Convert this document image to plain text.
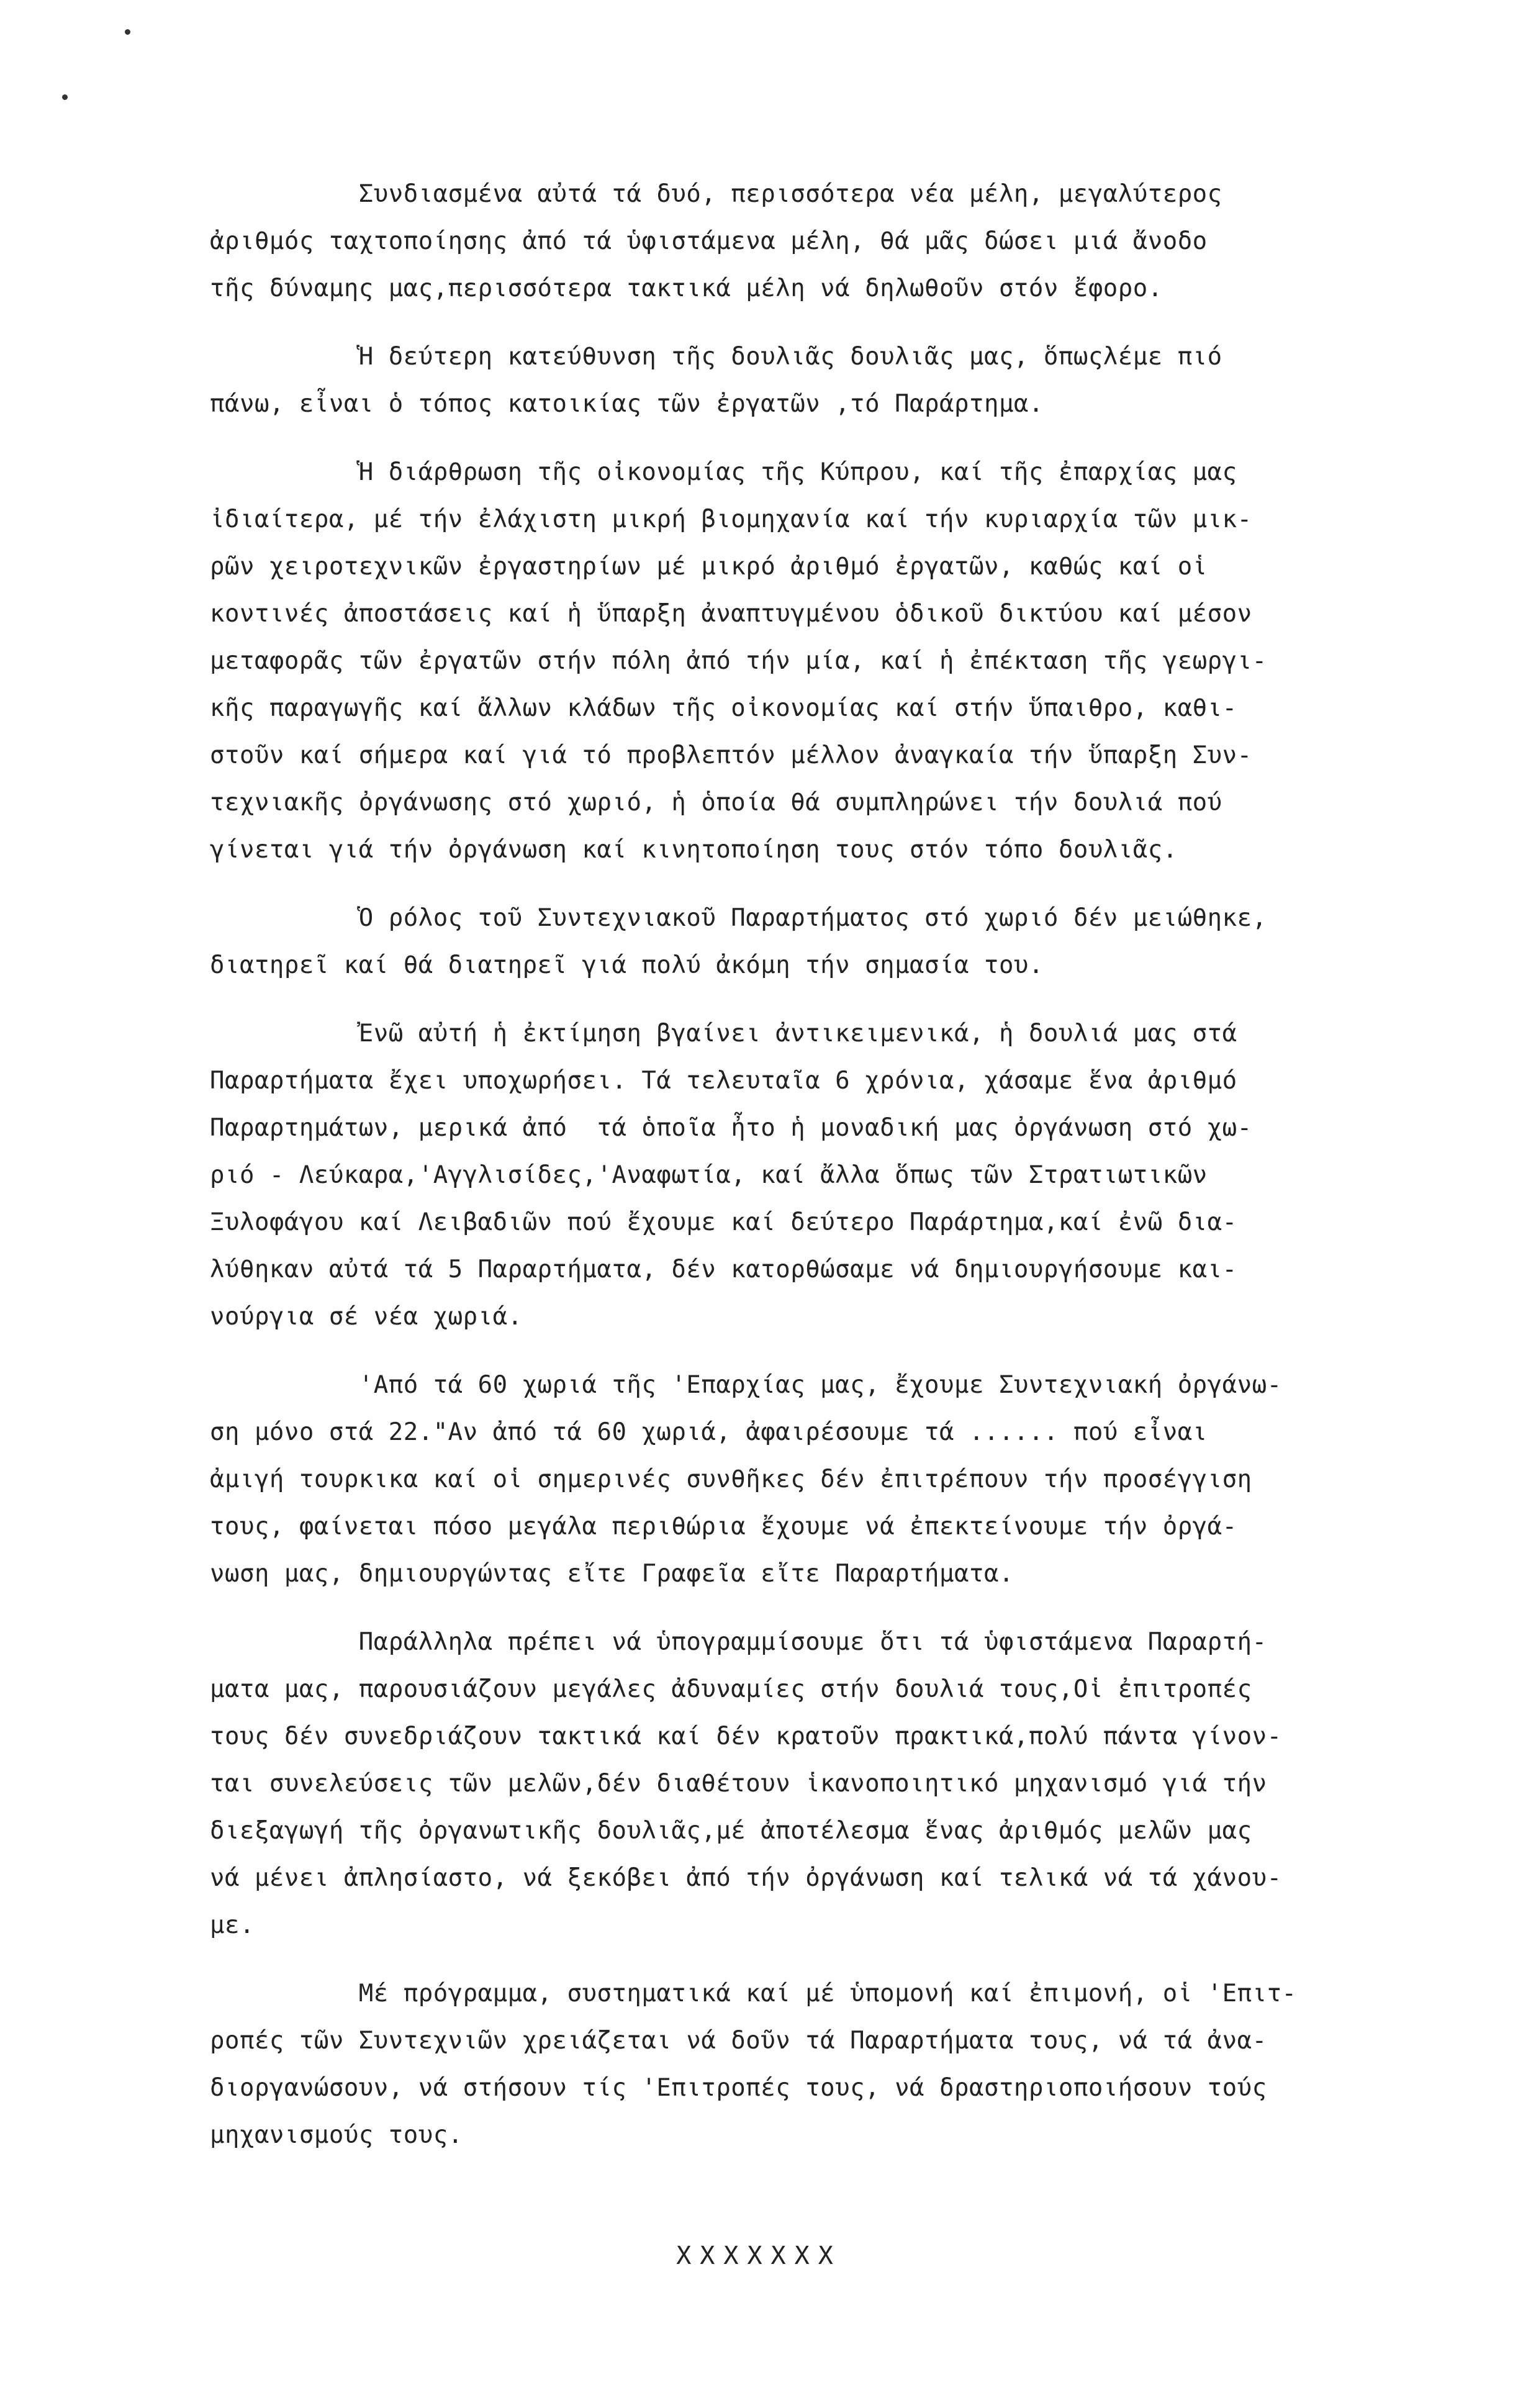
Συνδιασμένα αὐτά τά δυό, περισσότερα νέα μέλη, μεγαλύτερος
ἀριθμός ταχτοποίησης ἀπό τά ὑφιστάμενα μέλη, θά μᾶς δώσει μιά ἄνοδο
τῆς δύναμης μας,περισσότερα τακτικά μέλη νά δηλωθοῦν στόν ἔφορο.
Ἡ δεύτερη κατεύθυνση τῆς δουλιᾶς δουλιᾶς μας, ὅπωςλέμε πιό
πάνω, εἶναι ὁ τόπος κατοικίας τῶν ἐργατῶν ,τό Παράρτημα.
Ἡ διάρθρωση τῆς οἰκονομίας τῆς Κύπρου, καί τῆς ἐπαρχίας μας
ἰδιαίτερα, μέ τήν ἐλάχιστη μικρή βιομηχανία καί τήν κυριαρχία τῶν μικ-
ρῶν χειροτεχνικῶν ἐργαστηρίων μέ μικρό ἀριθμό ἐργατῶν, καθώς καί οἱ
κοντινές ἀποστάσεις καί ἡ ὕπαρξη ἀναπτυγμένου ὁδικοῦ δικτύου καί μέσον
μεταφορᾶς τῶν ἐργατῶν στήν πόλη ἀπό τήν μία, καί ἡ ἐπέκταση τῆς γεωργι-
κῆς παραγωγῆς καί ἄλλων κλάδων τῆς οἰκονομίας καί στήν ὕπαιθρο, καθι-
στοῦν καί σήμερα καί γιά τό προβλεπτόν μέλλον ἀναγκαία τήν ὕπαρξη Συν-
τεχνιακῆς ὀργάνωσης στό χωριό, ἡ ὁποία θά συμπληρώνει τήν δουλιά πού
γίνεται γιά τήν ὀργάνωση καί κινητοποίηση τους στόν τόπο δουλιᾶς.
Ὁ ρόλος τοῦ Συντεχνιακοῦ Παραρτήματος στό χωριό δέν μειώθηκε,
διατηρεῖ καί θά διατηρεῖ γιά πολύ ἀκόμη τήν σημασία του.
Ἐνῶ αὐτή ἡ ἐκτίμηση βγαίνει ἀντικειμενικά, ἡ δουλιά μας στά
Παραρτήματα ἔχει υποχωρήσει. Τά τελευταῖα 6 χρόνια, χάσαμε ἕνα ἀριθμό
Παραρτημάτων, μερικά ἀπό  τά ὁποῖα ἦτο ἡ μοναδική μας ὀργάνωση στό χω-
ριό - Λεύκαρα,'Αγγλισίδες,'Αναφωτία, καί ἄλλα ὅπως τῶν Στρατιωτικῶν
Ξυλοφάγου καί Λειβαδιῶν πού ἔχουμε καί δεύτερο Παράρτημα,καί ἐνῶ δια-
λύθηκαν αὐτά τά 5 Παραρτήματα, δέν κατορθώσαμε νά δημιουργήσουμε και-
νούργια σέ νέα χωριά.
'Από τά 60 χωριά τῆς 'Επαρχίας μας, ἔχουμε Συντεχνιακή ὀργάνω-
ση μόνο στά 22."Αν ἀπό τά 60 χωριά, ἀφαιρέσουμε τά ...... πού εἶναι
ἀμιγή τουρκικα καί οἱ σημερινές συνθῆκες δέν ἐπιτρέπουν τήν προσέγγιση
τους, φαίνεται πόσο μεγάλα περιθώρια ἔχουμε νά ἐπεκτείνουμε τήν ὀργά-
νωση μας, δημιουργώντας εἴτε Γραφεῖα εἴτε Παραρτήματα.
Παράλληλα πρέπει νά ὑπογραμμίσουμε ὅτι τά ὑφιστάμενα Παραρτή-
ματα μας, παρουσιάζουν μεγάλες ἀδυναμίες στήν δουλιά τους,Οἱ ἐπιτροπές
τους δέν συνεδριάζουν τακτικά καί δέν κρατοῦν πρακτικά,πολύ πάντα γίνον-
ται συνελεύσεις τῶν μελῶν,δέν διαθέτουν ἱκανοποιητικό μηχανισμό γιά τήν
διεξαγωγή τῆς ὀργανωτικῆς δουλιᾶς,μέ ἀποτέλεσμα ἕνας ἀριθμός μελῶν μας
νά μένει ἀπλησίαστο, νά ξεκόβει ἀπό τήν ὀργάνωση καί τελικά νά τά χάνου-
με.
Μέ πρόγραμμα, συστηματικά καί μέ ὑπομονή καί ἐπιμονή, οἱ 'Επιτ-
ροπές τῶν Συντεχνιῶν χρειάζεται νά δοῦν τά Παραρτήματα τους, νά τά ἀνα-
διοργανώσουν, νά στήσουν τίς 'Επιτροπές τους, νά δραστηριοποιήσουν τούς
μηχανισμούς τους.
XXXXXXX
